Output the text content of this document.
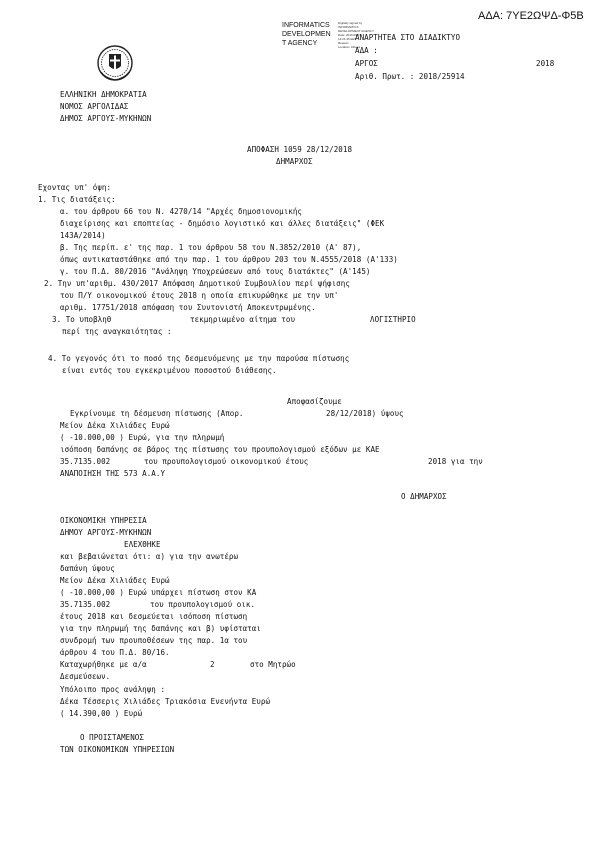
ΑΔΑ: 7ΥΕ2ΩΨΔ-Φ5Β
INFORMATICS
DEVELOPMEN
T AGENCY
Digitally signed by
INFORMATICS
DEVELOPMENT AGENCY
Date: 2019.01.07
14:21:45 EET
Reason:
Location: Athens
ΑΝΑΡΤΗΤΕΑ ΣΤΟ ΔΙΑΔΙΚΤΥΟ
ΑΔΑ :
ΑΡΓΟΣ	2018
Αριθ. Πρωτ. : 2018/25914
ΕΛΛΗΝΙΚΗ ΔΗΜΟΚΡΑΤΙΑ
ΝΟΜΟΣ ΑΡΓΟΛΙΔΑΣ
ΔΗΜΟΣ ΑΡΓΟΥΣ-ΜΥΚΗΝΩΝ
ΑΠΟΦΑΣΗ 1059 28/12/2018
ΔΗΜΑΡΧΟΣ
Εχοντας υπ' όψη:
1. Τις διατάξεις:
α. του άρθρου 66 του Ν. 4270/14 "Αρχές δημοσιονομικής
διαχείρισης και εποπτείας - δημόσιο λογιστικό και άλλες διατάξεις" (ΦΕΚ
143Α/2014)
β. Της περίπ. ε' της παρ. 1 του άρθρου 58 του Ν.3852/2010 (Α' 87),
όπως αντικαταστάθηκε από την παρ. 1 του άρθρου 203 του Ν.4555/2018 (Α'133)
γ. του Π.Δ. 80/2016 "Ανάληψη Υποχρεώσεων από τους διατάκτες" (Α'145)
2. Την υπ'αριθμ. 430/2017 Απόφαση Δημοτικού Συμβουλίου περί ψήφισης
του Π/Υ οικονομικού έτους 2018 η οποία επικυρώθηκε με την υπ'
αριθμ. 17751/2018 απόφαση του Συντονιστή Αποκεντρωμένης.
3. Το υποβληθ	τεκμηριωμένο αίτημα του	ΛΟΓΙΣΤΗΡΙΟ
περί της αναγκαιότητας :
4. Το γεγονός ότι το ποσό της δεσμευόμενης με την παρούσα πίστωσης
είναι εντός του εγκεκριμένου ποσοστού διάθεσης.
Αποφασίζουμε
Εγκρίνουμε τη δέσμευση πίστωσης (Απορ.	28/12/2018) ύψους
Μείον Δέκα Χιλιάδες Ευρώ
( -10.000,00 ) Ευρώ, για την πληρωμή
ισόποση δαπάνης σε βάρος της πίστωσης του προυπολογισμού εξόδων με ΚΑΕ
35.7135.002	του προυπολογισμού οικονομικού έτους	2018 για την
ΑΝΑΠΟΙΗΣΗ ΤΗΣ 573 Α.Α.Υ
Ο ΔΗΜΑΡΧΟΣ
ΟΙΚΟΝΟΜΙΚΗ ΥΠΗΡΕΣΙΑ
ΔΗΜΟΥ ΑΡΓΟΥΣ-ΜΥΚΗΝΩΝ
ΕΛΕΧΘΗΚΕ
και βεβαιώνεται ότι: α) για την ανωτέρω
δαπάνη ύψους
Μείον Δέκα Χιλιάδες Ευρώ
( -10.000,00 ) Ευρώ υπάρχει πίστωση στον ΚΑ
35.7135.002	του προυπολογισμού οικ.
έτους 2018 και δεσμεύεται ισόποση πίστωση
για την πληρωμή της δαπάνης και β) υφίσταται
συνδρομή των προυποθέσεων της παρ. 1α του
άρθρου 4 του Π.Δ. 80/16.
Καταχωρήθηκε με α/α	2	στο Μητρώο
Δεσμεύσεων.
Υπόλοιπο προς ανάληψη :
Δέκα Τέσσερις Χιλιάδες Τριακόσια Ενενήντα Ευρώ
( 14.390,00 ) Ευρώ
Ο ΠΡΟΙΣΤΑΜΕΝΟΣ
ΤΩΝ ΟΙΚΟΝΟΜΙΚΩΝ ΥΠΗΡΕΣΙΩΝ
